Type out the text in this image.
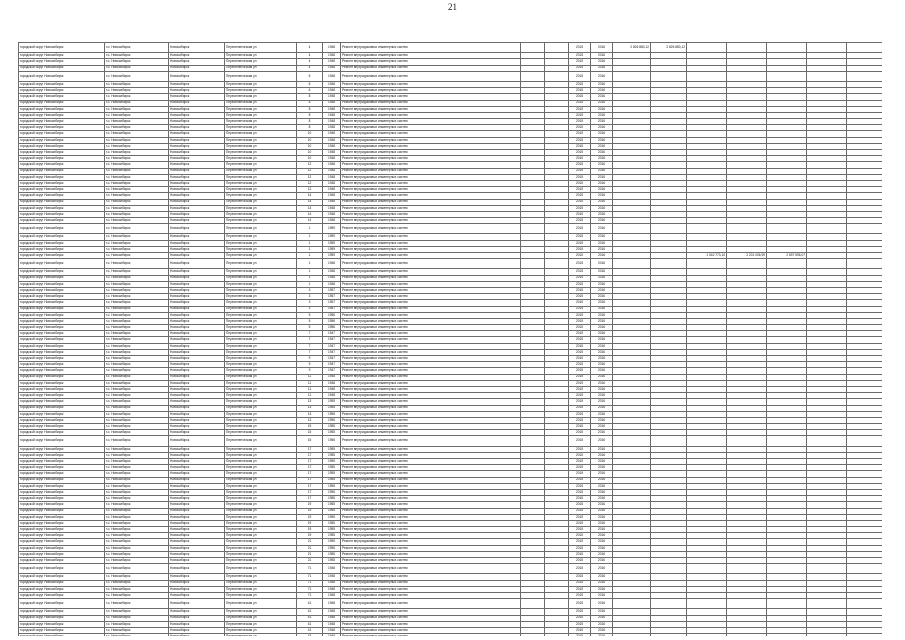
21
городской округ Новосибирск	г.о. Новосибирск	Новосибирск	Переселенческая ул	4	1948	Ремонт внутридомовых инженерных систем			2015	2016	2 826 880,12	2 826 880,12					
городской округ Новосибирск	г.о. Новосибирск	Новосибирск	Переселенческая ул	4	1948	Ремонт внутридомовых инженерных систем			2015	2016							
городской округ Новосибирск	г.о. Новосибирск	Новосибирск	Переселенческая ул	4	1948	Ремонт внутридомовых инженерных систем			2015	2016							
городской округ Новосибирск	г.о. Новосибирск	Новосибирск	Переселенческая ул	4	1948	Ремонт внутридомовых инженерных систем			2015	2016							
городской округ Новосибирск	г.о. Новосибирск	Новосибирск	Переселенческая ул	6	1948	Ремонт внутридомовых инженерных систем			2015	2016							
городской округ Новосибирск	г.о. Новосибирск	Новосибирск	Переселенческая ул	6	1948	Ремонт внутридомовых инженерных систем			2015	2016							
городской округ Новосибирск	г.о. Новосибирск	Новосибирск	Переселенческая ул	6	1948	Ремонт внутридомовых инженерных систем			2015	2016							
городской округ Новосибирск	г.о. Новосибирск	Новосибирск	Переселенческая ул	8	1948	Ремонт внутридомовых инженерных систем			2015	2016							
городской округ Новосибирск	г.о. Новосибирск	Новосибирск	Переселенческая ул	8	1948	Ремонт внутридомовых инженерных систем			2015	2016							
городской округ Новосибирск	г.о. Новосибирск	Новосибирск	Переселенческая ул	8	1948	Ремонт внутридомовых инженерных систем			2015	2016							
городской округ Новосибирск	г.о. Новосибирск	Новосибирск	Переселенческая ул	8	1948	Ремонт внутридомовых инженерных систем			2015	2016							
городской округ Новосибирск	г.о. Новосибирск	Новосибирск	Переселенческая ул	8	1948	Ремонт внутридомовых инженерных систем			2015	2016							
городской округ Новосибирск	г.о. Новосибирск	Новосибирск	Переселенческая ул	8	1948	Ремонт внутридомовых инженерных систем			2015	2016							
городской округ Новосибирск	г.о. Новосибирск	Новосибирск	Переселенческая ул	10	1948	Ремонт внутридомовых инженерных систем			2015	2016							
городской округ Новосибирск	г.о. Новосибирск	Новосибирск	Переселенческая ул	10	1948	Ремонт внутридомовых инженерных систем			2015	2016							
городской округ Новосибирск	г.о. Новосибирск	Новосибирск	Переселенческая ул	10	1948	Ремонт внутридомовых инженерных систем			2015	2016							
городской округ Новосибирск	г.о. Новосибирск	Новосибирск	Переселенческая ул	10	1948	Ремонт внутридомовых инженерных систем			2015	2016							
городской округ Новосибирск	г.о. Новосибирск	Новосибирск	Переселенческая ул	10	1948	Ремонт внутридомовых инженерных систем			2015	2016							
городской округ Новосибирск	г.о. Новосибирск	Новосибирск	Переселенческая ул	12	1948	Ремонт внутридомовых инженерных систем			2015	2016							
городской округ Новосибирск	г.о. Новосибирск	Новосибирск	Переселенческая ул	12	1948	Ремонт внутридомовых инженерных систем			2015	2016							
городской округ Новосибирск	г.о. Новосибирск	Новосибирск	Переселенческая ул	12	1948	Ремонт внутридомовых инженерных систем			2015	2016							
городской округ Новосибирск	г.о. Новосибирск	Новосибирск	Переселенческая ул	12	1948	Ремонт внутридомовых инженерных систем			2015	2016							
городской округ Новосибирск	г.о. Новосибирск	Новосибирск	Переселенческая ул	12	1948	Ремонт внутридомовых инженерных систем			2015	2016							
городской округ Новосибирск	г.о. Новосибирск	Новосибирск	Переселенческая ул	14	1948	Ремонт внутридомовых инженерных систем			2015	2016							
городской округ Новосибирск	г.о. Новосибирск	Новосибирск	Переселенческая ул	14	1948	Ремонт внутридомовых инженерных систем			2015	2016							
городской округ Новосибирск	г.о. Новосибирск	Новосибирск	Переселенческая ул	14	1948	Ремонт внутридомовых инженерных систем			2015	2016							
городской округ Новосибирск	г.о. Новосибирск	Новосибирск	Переселенческая ул	14	1948	Ремонт внутридомовых инженерных систем			2015	2016							
городской округ Новосибирск	г.о. Новосибирск	Новосибирск	Переселенческая ул	14	1948	Ремонт внутридомовых инженерных систем			2015	2016							
городской округ Новосибирск	г.о. Новосибирск	Новосибирск	Переселенческая ул	1	1959	Ремонт внутридомовых инженерных систем			2015	2016							
городской округ Новосибирск	г.о. Новосибирск	Новосибирск	Переселенческая ул	1	1959	Ремонт внутридомовых инженерных систем			2015	2016							
городской округ Новосибирск	г.о. Новосибирск	Новосибирск	Переселенческая ул	1	1959	Ремонт внутридомовых инженерных систем			2015	2016							
городской округ Новосибирск	г.о. Новосибирск	Новосибирск	Переселенческая ул	1	1959	Ремонт внутридомовых инженерных систем			2015	2016							
городской округ Новосибирск	г.о. Новосибирск	Новосибирск	Переселенческая ул	1	1959	Ремонт внутридомовых инженерных систем			2015	2016			1 042 773,10	2 201 006,99	2 697 596,07		
городской округ Новосибирск	г.о. Новосибирск	Новосибирск	Переселенческая ул	1	1948	Ремонт внутридомовых инженерных систем			2015	2016							
городской округ Новосибирск	г.о. Новосибирск	Новосибирск	Переселенческая ул	1	1948	Ремонт внутридомовых инженерных систем			2015	2016							
городской округ Новосибирск	г.о. Новосибирск	Новосибирск	Переселенческая ул	1	1948	Ремонт внутридомовых инженерных систем			2015	2016							
городской округ Новосибирск	г.о. Новосибирск	Новосибирск	Переселенческая ул	1	1948	Ремонт внутридомовых инженерных систем			2015	2016							
городской округ Новосибирск	г.о. Новосибирск	Новосибирск	Переселенческая ул	3	1957	Ремонт внутридомовых инженерных систем			2015	2016							
городской округ Новосибирск	г.о. Новосибирск	Новосибирск	Переселенческая ул	3	1957	Ремонт внутридомовых инженерных систем			2015	2016							
городской округ Новосибирск	г.о. Новосибирск	Новосибирск	Переселенческая ул	3	1957	Ремонт внутридомовых инженерных систем			2015	2016							
городской округ Новосибирск	г.о. Новосибирск	Новосибирск	Переселенческая ул	3	1957	Ремонт внутридомовых инженерных систем			2015	2016							
городской округ Новосибирск	г.о. Новосибирск	Новосибирск	Переселенческая ул	5	1956	Ремонт внутридомовых инженерных систем			2015	2016							
городской округ Новосибирск	г.о. Новосибирск	Новосибирск	Переселенческая ул	5	1956	Ремонт внутридомовых инженерных систем			2015	2016							
городской округ Новосибирск	г.о. Новосибирск	Новосибирск	Переселенческая ул	5	1956	Ремонт внутридомовых инженерных систем			2015	2016							
городской округ Новосибирск	г.о. Новосибирск	Новосибирск	Переселенческая ул	7	1947	Ремонт внутридомовых инженерных систем			2015	2016							
городской округ Новосибирск	г.о. Новосибирск	Новосибирск	Переселенческая ул	7	1947	Ремонт внутридомовых инженерных систем			2015	2016							
городской округ Новосибирск	г.о. Новосибирск	Новосибирск	Переселенческая ул	7	1947	Ремонт внутридомовых инженерных систем			2015	2016							
городской округ Новосибирск	г.о. Новосибирск	Новосибирск	Переселенческая ул	7	1947	Ремонт внутридомовых инженерных систем			2015	2016							
городской округ Новосибирск	г.о. Новосибирск	Новосибирск	Переселенческая ул	9	1947	Ремонт внутридомовых инженерных систем			2015	2016							
городской округ Новосибирск	г.о. Новосибирск	Новосибирск	Переселенческая ул	9	1947	Ремонт внутридомовых инженерных систем			2015	2016							
городской округ Новосибирск	г.о. Новосибирск	Новосибирск	Переселенческая ул	9	1947	Ремонт внутридомовых инженерных систем			2015	2016							
городской округ Новосибирск	г.о. Новосибирск	Новосибирск	Переселенческая ул	11	1948	Ремонт внутридомовых инженерных систем			2015	2016							
городской округ Новосибирск	г.о. Новосибирск	Новосибирск	Переселенческая ул	11	1948	Ремонт внутридомовых инженерных систем			2015	2016							
городской округ Новосибирск	г.о. Новосибирск	Новосибирск	Переселенческая ул	11	1948	Ремонт внутридомовых инженерных систем			2015	2016							
городской округ Новосибирск	г.о. Новосибирск	Новосибирск	Переселенческая ул	11	1948	Ремонт внутридомовых инженерных систем			2015	2016							
городской округ Новосибирск	г.о. Новосибирск	Новосибирск	Переселенческая ул	13	1955	Ремонт внутридомовых инженерных систем			2015	2016							
городской округ Новосибирск	г.о. Новосибирск	Новосибирск	Переселенческая ул	13	1955	Ремонт внутридомовых инженерных систем			2015	2016							
городской округ Новосибирск	г.о. Новосибирск	Новосибирск	Переселенческая ул	13	1955	Ремонт внутридомовых инженерных систем			2015	2016							
городской округ Новосибирск	г.о. Новосибирск	Новосибирск	Переселенческая ул	13	1955	Ремонт внутридомовых инженерных систем			2015	2016							
городской округ Новосибирск	г.о. Новосибирск	Новосибирск	Переселенческая ул	15	1955	Ремонт внутридомовых инженерных систем			2015	2016							
городской округ Новосибирск	г.о. Новосибирск	Новосибирск	Переселенческая ул	15	1955	Ремонт внутридомовых инженерных систем			2015	2016							
городской округ Новосибирск	г.о. Новосибирск	Новосибирск	Переселенческая ул	15	1955	Ремонт внутридомовых инженерных систем			2015	2016							
городской округ Новосибирск	г.о. Новосибирск	Новосибирск	Переселенческая ул	17	1955	Ремонт внутридомовых инженерных систем			2015	2016							
городской округ Новосибирск	г.о. Новосибирск	Новосибирск	Переселенческая ул	17	1955	Ремонт внутридомовых инженерных систем			2015	2016							
городской округ Новосибирск	г.о. Новосибирск	Новосибирск	Переселенческая ул	17	1955	Ремонт внутридомовых инженерных систем			2015	2016							
городской округ Новосибирск	г.о. Новосибирск	Новосибирск	Переселенческая ул	17	1955	Ремонт внутридомовых инженерных систем			2015	2016							
городской округ Новосибирск	г.о. Новосибирск	Новосибирск	Переселенческая ул	17	1955	Ремонт внутридомовых инженерных систем			2015	2016							
городской округ Новосибирск	г.о. Новосибирск	Новосибирск	Переселенческая ул	17	1955	Ремонт внутридомовых инженерных систем			2015	2016							
городской округ Новосибирск	г.о. Новосибирск	Новосибирск	Переселенческая ул	17	1955	Ремонт внутридомовых инженерных систем			2015	2016							
городской округ Новосибирск	г.о. Новосибирск	Новосибирск	Переселенческая ул	17	1955	Ремонт внутридомовых инженерных систем			2015	2016							
городской округ Новосибирск	г.о. Новосибирск	Новосибирск	Переселенческая ул	17	1955	Ремонт внутридомовых инженерных систем			2015	2016							
городской округ Новосибирск	г.о. Новосибирск	Новосибирск	Переселенческая ул	19	1955	Ремонт внутридомовых инженерных систем			2015	2016							
городской округ Новосибирск	г.о. Новосибирск	Новосибирск	Переселенческая ул	19	1955	Ремонт внутридомовых инженерных систем			2015	2016							
городской округ Новосибирск	г.о. Новосибирск	Новосибирск	Переселенческая ул	19	1955	Ремонт внутридомовых инженерных систем			2015	2016							
городской округ Новосибирск	г.о. Новосибирск	Новосибирск	Переселенческая ул	19	1955	Ремонт внутридомовых инженерных систем			2015	2016							
городской округ Новосибирск	г.о. Новосибирск	Новосибирск	Переселенческая ул	19	1955	Ремонт внутридомовых инженерных систем			2015	2016							
городской округ Новосибирск	г.о. Новосибирск	Новосибирск	Переселенческая ул	19	1955	Ремонт внутридомовых инженерных систем			2015	2016							
городской округ Новосибирск	г.о. Новосибирск	Новосибирск	Переселенческая ул	21	1955	Ремонт внутридомовых инженерных систем			2015	2016							
городской округ Новосибирск	г.о. Новосибирск	Новосибирск	Переселенческая ул	21	1955	Ремонт внутридомовых инженерных систем			2015	2016							
городской округ Новосибирск	г.о. Новосибирск	Новосибирск	Переселенческая ул	21	1955	Ремонт внутридомовых инженерных систем			2015	2016							
городской округ Новосибирск	г.о. Новосибирск	Новосибирск	Переселенческая ул	21	1955	Ремонт внутридомовых инженерных систем			2015	2016							
городской округ Новосибирск	г.о. Новосибирск	Новосибирск	Переселенческая ул	71	1948	Ремонт внутридомовых инженерных систем			2015	2016							
городской округ Новосибирск	г.о. Новосибирск	Новосибирск	Переселенческая ул	71	1948	Ремонт внутридомовых инженерных систем			2015	2016							
городской округ Новосибирск	г.о. Новосибирск	Новосибирск	Переселенческая ул	71	1948	Ремонт внутридомовых инженерных систем			2015	2016							
городской округ Новосибирск	г.о. Новосибирск	Новосибирск	Переселенческая ул	71	1948	Ремонт внутридомовых инженерных систем			2015	2016							
городской округ Новосибирск	г.о. Новосибирск	Новосибирск	Переселенческая ул	71	1948	Ремонт внутридомовых инженерных систем			2015	2016							
городской округ Новосибирск	г.о. Новосибирск	Новосибирск	Переселенческая ул	41	1948	Ремонт внутридомовых инженерных систем			2015	2016							
городской округ Новосибирск	г.о. Новосибирск	Новосибирск	Переселенческая ул	41	1948	Ремонт внутридомовых инженерных систем			2015	2016							
городской округ Новосибирск	г.о. Новосибирск	Новосибирск	Переселенческая ул	41	1948	Ремонт внутридомовых инженерных систем			2015	2016							
городской округ Новосибирск	г.о. Новосибирск	Новосибирск	Переселенческая ул	41	1948	Ремонт внутридомовых инженерных систем			2015	2016							
городской округ Новосибирск	г.о. Новосибирск	Новосибирск	Переселенческая ул	41	1948	Ремонт внутридомовых инженерных систем			2015	2016							
городской округ Новосибирск	г.о. Новосибирск	Новосибирск	Переселенческая ул	43	1948	Ремонт внутридомовых инженерных систем			2015	2016							
